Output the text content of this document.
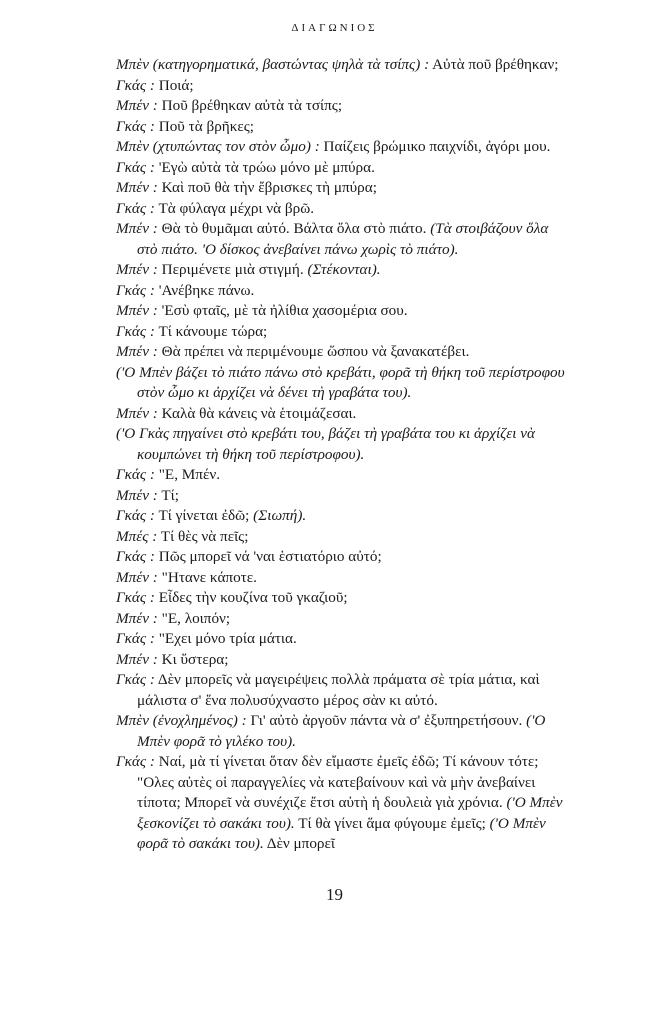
ΔΙΑΓΩΝΙΟΣ

Μπὲν (κατηγορηματικά, βαστώντας ψηλὰ τὰ τσίπς) : Αὐτὰ ποῦ βρέθηκαν;

Γκάς : Ποιά;

Μπέν : Ποῦ βρέθηκαν αὐτὰ τὰ τσίπς;

Γκάς : Ποῦ τὰ βρῆκες;

Μπὲν (χτυπώντας τον στὸν ὦμο) : Παίζεις βρώμικο παιχνίδι, ἀγόρι μου.

Γκάς : 'Εγὼ αὐτὰ τὰ τρώω μόνο μὲ μπύρα.

Μπέν : Καὶ ποῦ θὰ τὴν ἔβρισκες τὴ μπύρα;

Γκάς : Τὰ φύλαγα μέχρι νὰ βρῶ.

Μπέν : Θὰ τὸ θυμᾶμαι αὐτό. Βάλτα ὅλα στὸ πιάτο. (Τὰ στοιβάζουν ὅλα στὸ πιάτο. 'Ο δίσκος ἀνεβαίνει πάνω χωρὶς τὸ πιάτο).

Μπέν : Περιμένετε μιὰ στιγμή. (Στέκονται).

Γκάς : 'Ανέβηκε πάνω.

Μπέν : 'Εσὺ φταῖς, μὲ τὰ ἠλίθια χασομέρια σου.

Γκάς : Τί κάνουμε τώρα;

Μπέν : Θὰ πρέπει νὰ περιμένουμε ὥσπου νὰ ξανακατέβει.

('Ο Μπὲν βάζει τὸ πιάτο πάνω στὸ κρεβάτι, φορᾶ τὴ θήκη τοῦ περίστροφου στὸν ὦμο κι ἀρχίζει νὰ δένει τὴ γραβάτα του).

Μπέν : Καλὰ θὰ κάνεις νὰ ἑτοιμάζεσαι.

('Ο Γκὰς πηγαίνει στὸ κρεβάτι του, βάζει τὴ γραβάτα του κι ἀρχίζει νὰ κουμπώνει τὴ θήκη τοῦ περίστροφου).

Γκάς : "Ε, Μπέν.

Μπέν : Τί;

Γκάς : Τί γίνεται ἐδῶ; (Σιωπή).

Μπές : Τί θὲς νὰ πεῖς;

Γκάς : Πῶς μπορεῖ νά 'ναι ἑστιατόριο αὐτό;

Μπέν : "Ητανε κάποτε.

Γκάς : Εἶδες τὴν κουζίνα τοῦ γκαζιοῦ;

Μπέν : "Ε, λοιπόν;

Γκάς : "Εχει μόνο τρία μάτια.

Μπέν : Κι ὕστερα;

Γκάς : Δὲν μπορεῖς νὰ μαγειρέψεις πολλὰ πράματα σὲ τρία μάτια, καὶ μάλιστα σ' ἕνα πολυσύχναστο μέρος σὰν κι αὐτό.

Μπὲν (ἐνοχλημένος) : Γι' αὐτὸ ἀργοῦν πάντα νὰ σ' ἐξυπηρετήσουν. ('Ο Μπὲν φορᾶ τὸ γιλέκο του).

Γκάς : Ναί, μὰ τί γίνεται ὅταν δὲν εἴμαστε ἐμεῖς ἐδῶ; Τί κάνουν τότε; "Ολες αὐτὲς οἱ παραγγελίες νὰ κατεβαίνουν καὶ νὰ μὴν ἀνεβαίνει τίποτα; Μπορεῖ νὰ συνέχιζε ἔτσι αὐτὴ ἡ δουλειὰ γιὰ χρόνια. ('Ο Μπὲν ξεσκονίζει τὸ σακάκι του). Τί θὰ γίνει ἅμα φύγουμε ἐμεῖς; ('Ο Μπὲν φορᾶ τὸ σακάκι του). Δὲν μπορεῖ

19
